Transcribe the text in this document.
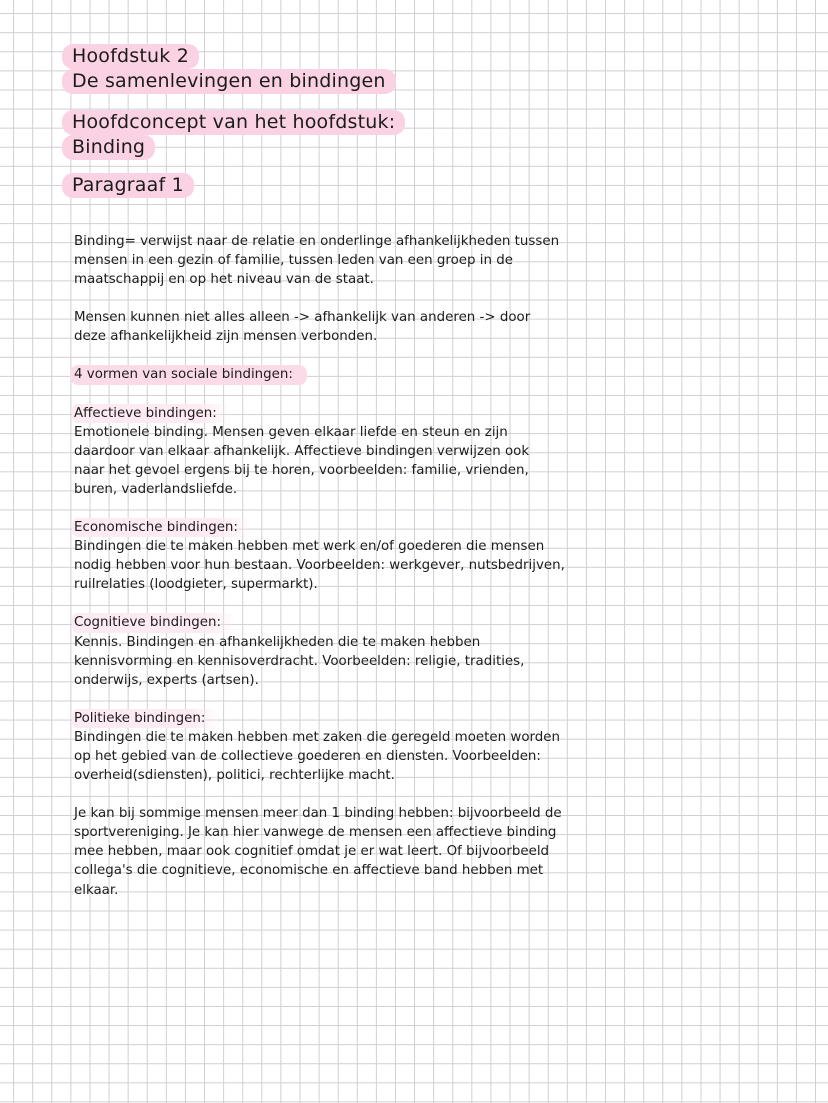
Hoofdstuk 2
De samenlevingen en bindingen
Hoofdconcept van het hoofdstuk:
Binding
Paragraaf 1

Binding= verwijst naar de relatie en onderlinge afhankelijkheden tussen

mensen in een gezin of familie, tussen leden van een groep in de

maatschappij en op het niveau van de staat.

Mensen kunnen niet alles alleen -> afhankelijk van anderen -> door

deze afhankelijkheid zijn mensen verbonden.

4 vormen van sociale bindingen:

Affectieve bindingen:

Emotionele binding. Mensen geven elkaar liefde en steun en zijn

daardoor van elkaar afhankelijk. Affectieve bindingen verwijzen ook

naar het gevoel ergens bij te horen, voorbeelden: familie, vrienden,

buren, vaderlandsliefde.

Economische bindingen:

Bindingen die te maken hebben met werk en/of goederen die mensen

nodig hebben voor hun bestaan. Voorbeelden: werkgever, nutsbedrijven,

ruilrelaties (loodgieter, supermarkt).

Cognitieve bindingen:

Kennis. Bindingen en afhankelijkheden die te maken hebben

kennisvorming en kennisoverdracht. Voorbeelden: religie, tradities,

onderwijs, experts (artsen).

Politieke bindingen:

Bindingen die te maken hebben met zaken die geregeld moeten worden

op het gebied van de collectieve goederen en diensten. Voorbeelden:

overheid(sdiensten), politici, rechterlijke macht.

Je kan bij sommige mensen meer dan 1 binding hebben: bijvoorbeeld de

sportvereniging. Je kan hier vanwege de mensen een affectieve binding

mee hebben, maar ook cognitief omdat je er wat leert. Of bijvoorbeeld

collega's die cognitieve, economische en affectieve band hebben met

elkaar.
